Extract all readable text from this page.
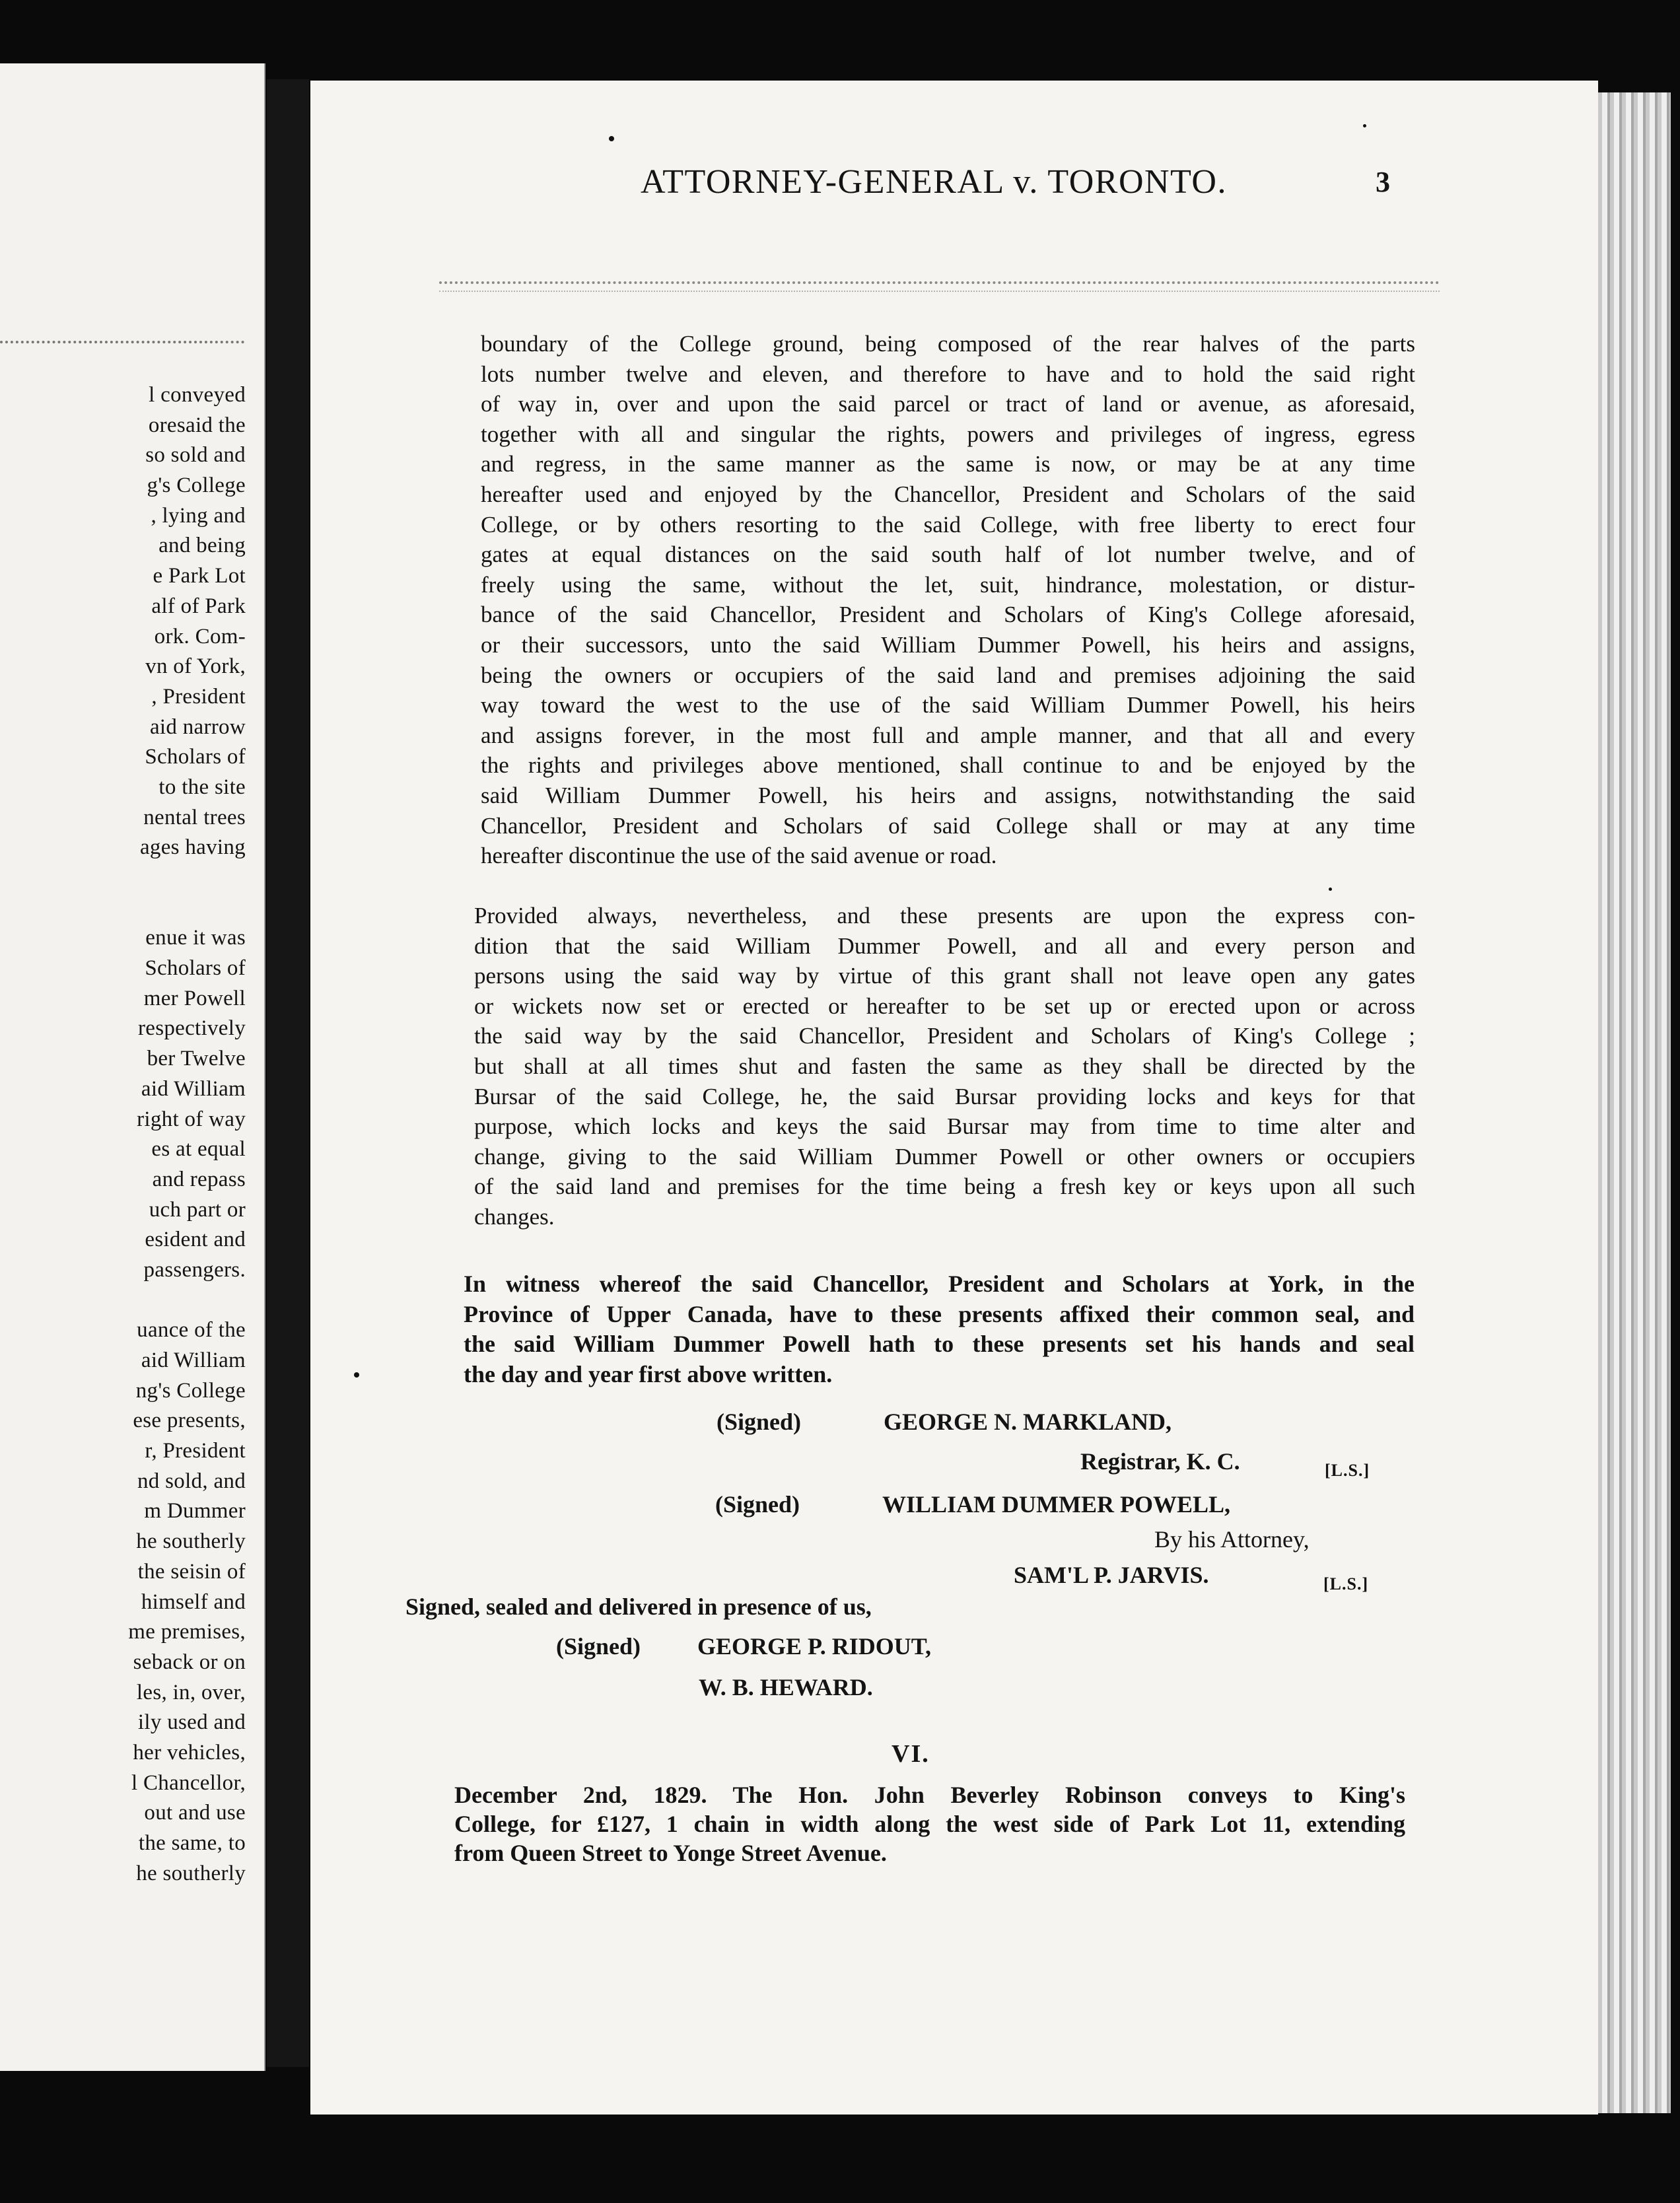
l conveyed
oresaid the
so sold and
g's College
, lying and
and being
e Park Lot
alf of Park
ork. Com-
vn of York,
, President
aid narrow
Scholars of
to the site
nental trees
ages having
enue it was
Scholars of
mer Powell
respectively
ber Twelve
aid William
right of way
es at equal
and repass
uch part or
esident and
passengers.
uance of the
aid William
ng's College
ese presents,
r, President
nd sold, and
m Dummer
he southerly
the seisin of
himself and
me premises,
seback or on
les, in, over,
ily used and
her vehicles,
l Chancellor,
out and use
the same, to
he southerly
ATTORNEY-GENERAL v. TORONTO.	3
boundary of the College ground, being composed of the rear halves of the parts
lots number twelve and eleven, and therefore to have and to hold the said right
of way in, over and upon the said parcel or tract of land or avenue, as aforesaid,
together with all and singular the rights, powers and privileges of ingress, egress
and regress, in the same manner as the same is now, or may be at any time
hereafter used and enjoyed by the Chancellor, President and Scholars of the said
College, or by others resorting to the said College, with free liberty to erect four
gates at equal distances on the said south half of lot number twelve, and of
freely using the same, without the let, suit, hindrance, molestation, or distur-
bance of the said Chancellor, President and Scholars of King's College aforesaid,
or their successors, unto the said William Dummer Powell, his heirs and assigns,
being the owners or occupiers of the said land and premises adjoining the said
way toward the west to the use of the said William Dummer Powell, his heirs
and assigns forever, in the most full and ample manner, and that all and every
the rights and privileges above mentioned, shall continue to and be enjoyed by the
said William Dummer Powell, his heirs and assigns, notwithstanding the said
Chancellor, President and Scholars of said College shall or may at any time
hereafter discontinue the use of the said avenue or road.
Provided always, nevertheless, and these presents are upon the express con-
dition that the said William Dummer Powell, and all and every person and
persons using the said way by virtue of this grant shall not leave open any gates
or wickets now set or erected or hereafter to be set up or erected upon or across
the said way by the said Chancellor, President and Scholars of King's College ;
but shall at all times shut and fasten the same as they shall be directed by the
Bursar of the said College, he, the said Bursar providing locks and keys for that
purpose, which locks and keys the said Bursar may from time to time alter and
change, giving to the said William Dummer Powell or other owners or occupiers
of the said land and premises for the time being a fresh key or keys upon all such
changes.
In witness whereof the said Chancellor, President and Scholars at York, in the
Province of Upper Canada, have to these presents affixed their common seal, and
the said William Dummer Powell hath to these presents set his hands and seal
the day and year first above written.
(Signed)	GEORGE N. MARKLAND,
Registrar, K. C.	[L.S.]
(Signed)	WILLIAM DUMMER POWELL,
By his Attorney,
SAM'L P. JARVIS.	[L.S.]
Signed, sealed and delivered in presence of us,
(Signed) GEORGE P. RIDOUT,
W. B. HEWARD.
VI.
December 2nd, 1829. The Hon. John Beverley Robinson conveys to King's
College, for £127, 1 chain in width along the west side of Park Lot 11, extending
from Queen Street to Yonge Street Avenue.
